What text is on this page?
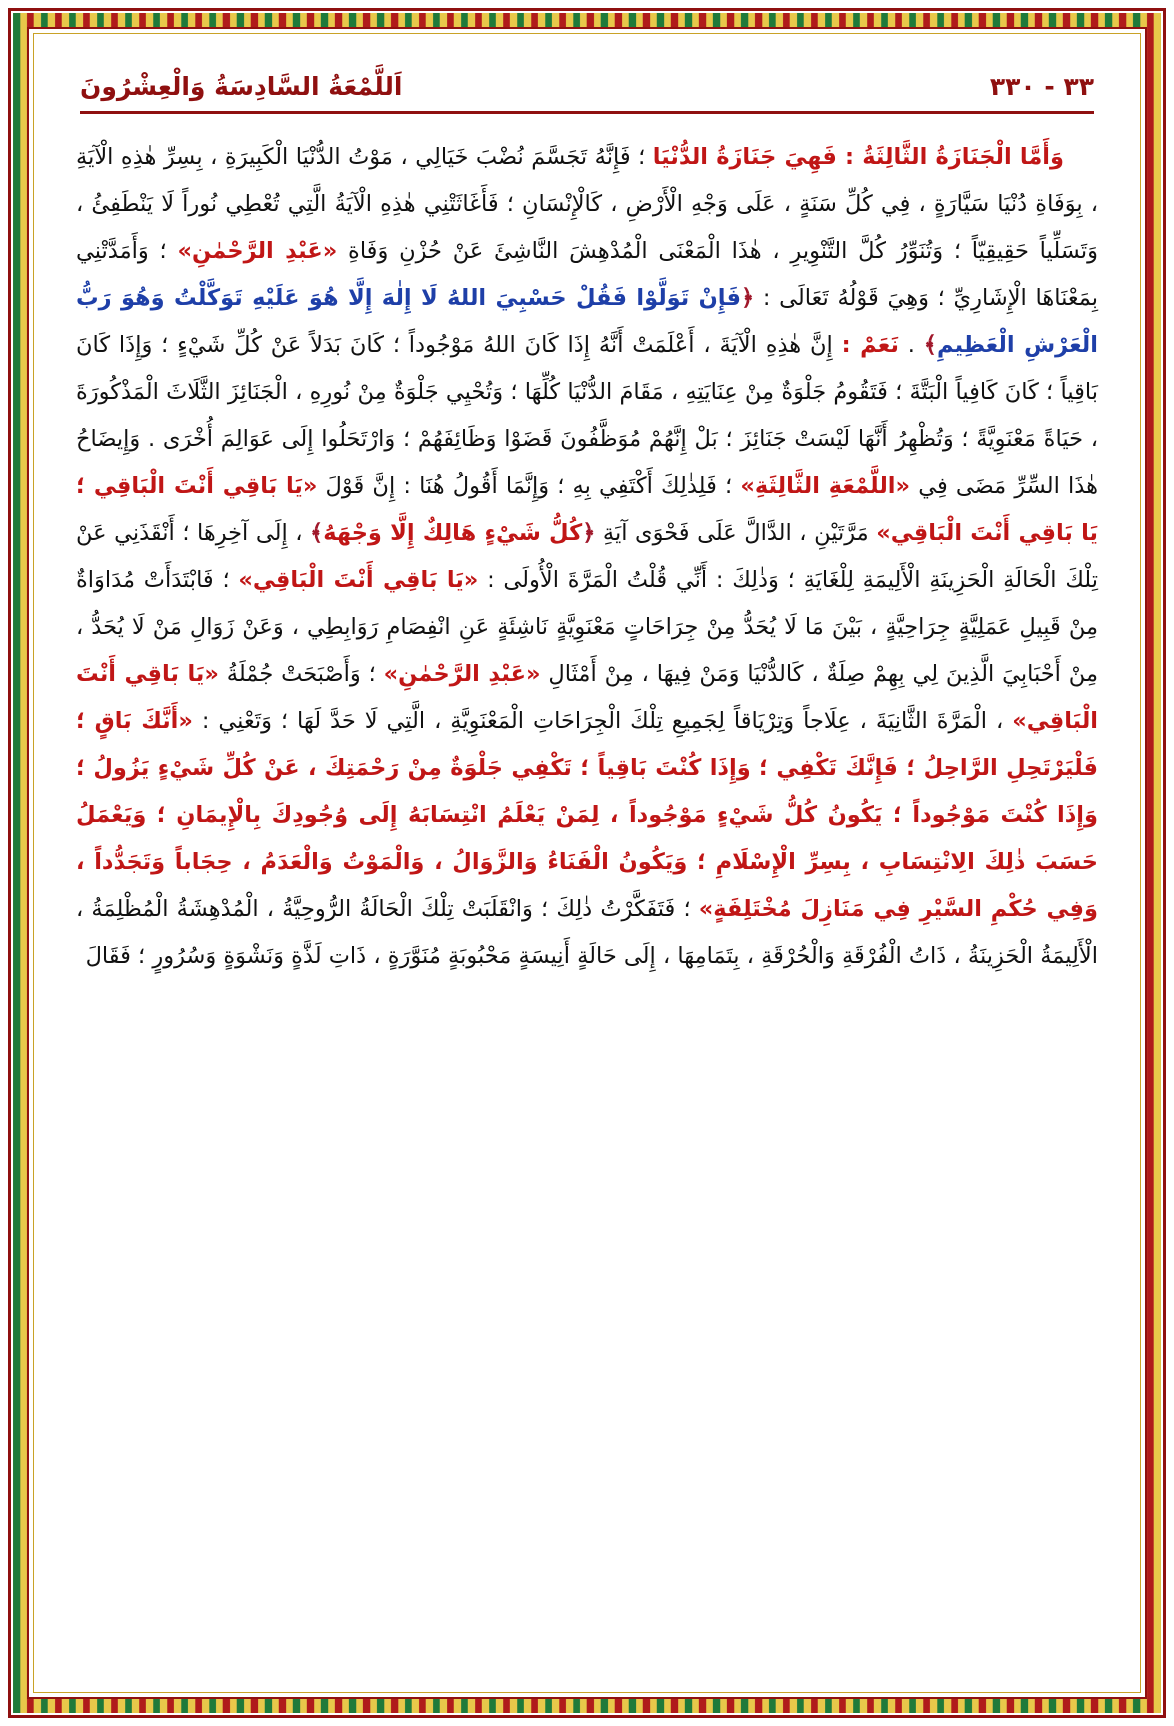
اَللَّمْعَةُ السَّادِسَةُ وَالْعِشْرُونَ	٣٣ - ٣٣٠

وَأَمَّا الْجَنَازَةُ الثَّالِثَةُ : فَهِيَ جَنَازَةُ الدُّنْيَا ؛ فَإِنَّهُ تَجَسَّمَ نُضْبَ خَيَالِي ، مَوْتُ الدُّنْيَا الْكَبِيرَةِ ، بِسِرِّ هٰذِهِ الْآيَةِ ، بِوَفَاةِ دُنْيَا سَيَّارَةٍ ، فِي كُلِّ سَنَةٍ ، عَلَى وَجْهِ الْأَرْضِ ، كَالْإِنْسَانِ ؛ فَأَغَاثَتْنِي هٰذِهِ الْآيَةُ الَّتِي تُعْطِي نُوراً لَا يَنْطَفِئُ ، وَتَسَلِّياً حَقِيقِيّاً ؛ وَتُنَوِّرُ كُلَّ التَّنْوِيرِ ، هٰذَا الْمَعْنَى الْمُدْهِشَ النَّاشِئَ عَنْ حُزْنِ وَفَاةِ «عَبْدِ الرَّحْمٰنِ» ؛ وَأَمَدَّتْنِي بِمَعْنَاهَا الْإِشَارِيِّ ؛ وَهِيَ قَوْلُهُ تَعَالَى : ﴿فَإِنْ تَوَلَّوْا فَقُلْ حَسْبِيَ اللهُ لَا إِلٰهَ إِلَّا هُوَ عَلَيْهِ تَوَكَّلْتُ وَهُوَ رَبُّ الْعَرْشِ الْعَظِيمِ﴾ . نَعَمْ : إِنَّ هٰذِهِ الْآيَةَ ، أَعْلَمَتْ أَنَّهُ إِذَا كَانَ اللهُ مَوْجُوداً ؛ كَانَ بَدَلاً عَنْ كُلِّ شَيْءٍ ؛ وَإِذَا كَانَ بَاقِياً ؛ كَانَ كَافِياً الْبَتَّةَ ؛ فَتَقُومُ جَلْوَةٌ مِنْ عِنَايَتِهِ ، مَقَامَ الدُّنْيَا كُلِّهَا ؛ وَتُحْيِي جَلْوَةٌ مِنْ نُورِهِ ، الْجَنَائِزَ الثَّلَاثَ الْمَذْكُورَةَ ، حَيَاةً مَعْنَوِيَّةً ؛ وَتُظْهِرُ أَنَّهَا لَيْسَتْ جَنَائِزَ ؛ بَلْ إِنَّهُمْ مُوَظَّفُونَ قَضَوْا وَظَائِفَهُمْ ؛ وَارْتَحَلُوا إِلَى عَوَالِمَ أُخْرَى . وَإِيضَاحُ هٰذَا السِّرِّ مَضَى فِي «اللَّمْعَةِ الثَّالِثَةِ» ؛ فَلِذٰلِكَ أَكْتَفِي بِهِ ؛ وَإِنَّمَا أَقُولُ هُنَا : إِنَّ قَوْلَ «يَا بَاقِي أَنْتَ الْبَاقِي ؛ يَا بَاقِي أَنْتَ الْبَاقِي» مَرَّتَيْنِ ، الدَّالَّ عَلَى فَحْوَى آيَةِ ﴿كُلُّ شَيْءٍ هَالِكٌ إِلَّا وَجْهَهُ﴾ ، إِلَى آخِرِهَا ؛ أَنْقَذَنِي عَنْ تِلْكَ الْحَالَةِ الْحَزِينَةِ الْأَلِيمَةِ لِلْغَايَةِ ؛ وَذٰلِكَ : أَنِّي قُلْتُ الْمَرَّةَ الْأُولَى : «يَا بَاقِي أَنْتَ الْبَاقِي» ؛ فَابْتَدَأَتْ مُدَاوَاةٌ مِنْ قَبِيلِ عَمَلِيَّةٍ جِرَاحِيَّةٍ ، بَيْنَ مَا لَا يُحَدُّ مِنْ جِرَاحَاتٍ مَعْنَوِيَّةٍ نَاشِئَةٍ عَنِ انْفِصَامِ رَوَابِطِي ، وَعَنْ زَوَالِ مَنْ لَا يُحَدُّ ، مِنْ أَحْبَابِيَ الَّذِينَ لِي بِهِمْ صِلَةٌ ، كَالدُّنْيَا وَمَنْ فِيهَا ، مِنْ أَمْثَالِ «عَبْدِ الرَّحْمٰنِ» ؛ وَأَصْبَحَتْ جُمْلَةُ «يَا بَاقِي أَنْتَ الْبَاقِي» ، الْمَرَّةَ الثَّانِيَةَ ، عِلَاجاً وَتِرْيَاقاً لِجَمِيعِ تِلْكَ الْجِرَاحَاتِ الْمَعْنَوِيَّةِ ، الَّتِي لَا حَدَّ لَهَا ؛ وَتَعْنِي : «أَنَّكَ بَاقٍ ؛ فَلْيَرْتَحِلِ الرَّاحِلُ ؛ فَإِنَّكَ تَكْفِي ؛ وَإِذَا كُنْتَ بَاقِياً ؛ تَكْفِي جَلْوَةٌ مِنْ رَحْمَتِكَ ، عَنْ كُلِّ شَيْءٍ يَزُولُ ؛ وَإِذَا كُنْتَ مَوْجُوداً ؛ يَكُونُ كُلُّ شَيْءٍ مَوْجُوداً ، لِمَنْ يَعْلَمُ انْتِسَابَهُ إِلَى وُجُودِكَ بِالْإِيمَانِ ؛ وَيَعْمَلُ حَسَبَ ذٰلِكَ الِانْتِسَابِ ، بِسِرِّ الْإِسْلَامِ ؛ وَيَكُونُ الْفَنَاءُ وَالزَّوَالُ ، وَالْمَوْتُ وَالْعَدَمُ ، حِجَاباً وَتَجَدُّداً ، وَفِي حُكْمِ السَّيْرِ فِي مَنَازِلَ مُخْتَلِفَةٍ» ؛ فَتَفَكَّرْتُ ذٰلِكَ ؛ وَانْقَلَبَتْ تِلْكَ الْحَالَةُ الرُّوحِيَّةُ ، الْمُدْهِشَةُ الْمُظْلِمَةُ ، الْأَلِيمَةُ الْحَزِينَةُ ، ذَاتُ الْفُرْقَةِ وَالْحُرْقَةِ ، بِتَمَامِهَا ، إِلَى حَالَةٍ أَنِيسَةٍ مَحْبُوبَةٍ مُنَوَّرَةٍ ، ذَاتِ لَذَّةٍ وَنَشْوَةٍ وَسُرُورٍ ؛ فَقَالَ
